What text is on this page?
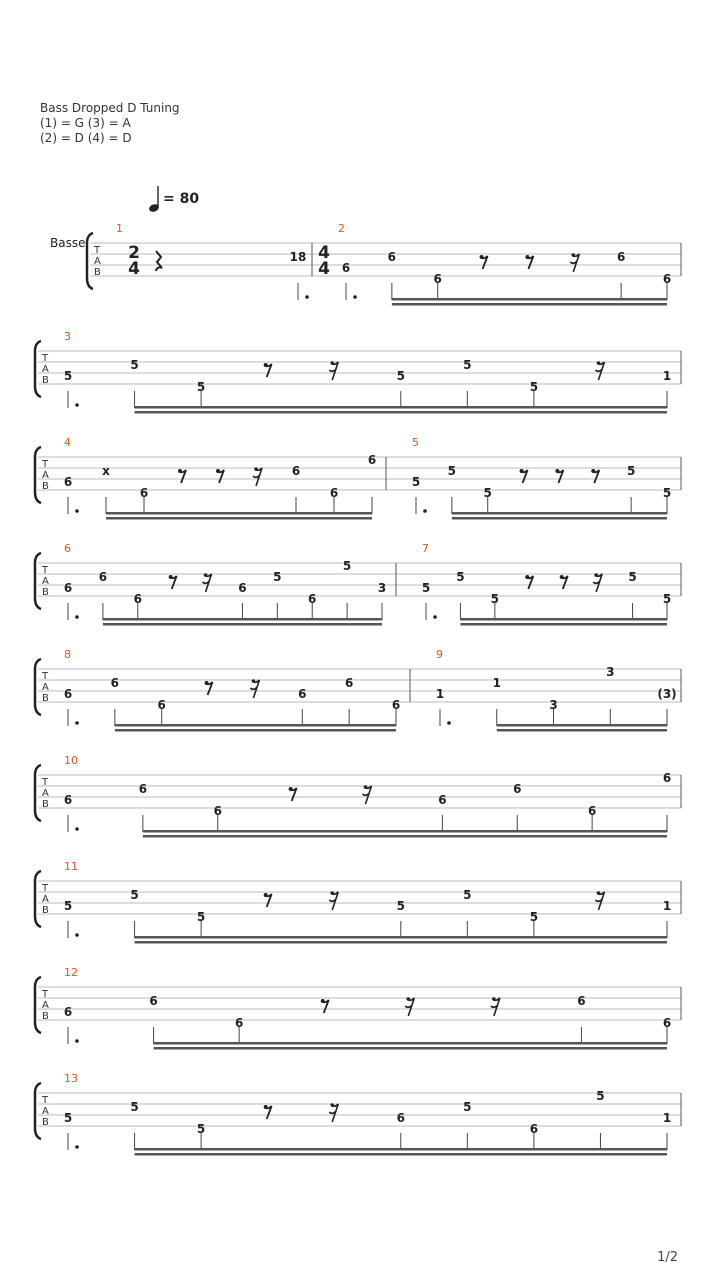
Bass Dropped D Tuning
(1) = G (3) = A
(2) = D (4) = D
= 80
T
A
B
Basse
1
2
4
18
2
4
4 6
6
6
6
6
T
A
B
3
5
5
5
5
5
5
1
T
A
B
4
6
x
6
6
6
6
5
5
5
5
5
5
T
A
B
6
6
6
6
6
5
6
5
3
7
5
5
5
5
5
T
A
B
8
6
6
6
6
6
6
9
1
1
3
3
(3)
T
A
B
10
6
6
6
6
6
6
6
T
A
B
11
5
5
5
5
5
5
1
T
A
B
12
6
6
6
6
6
T
A
B
13
5
5
5
6
5
6
5
1
1/2
